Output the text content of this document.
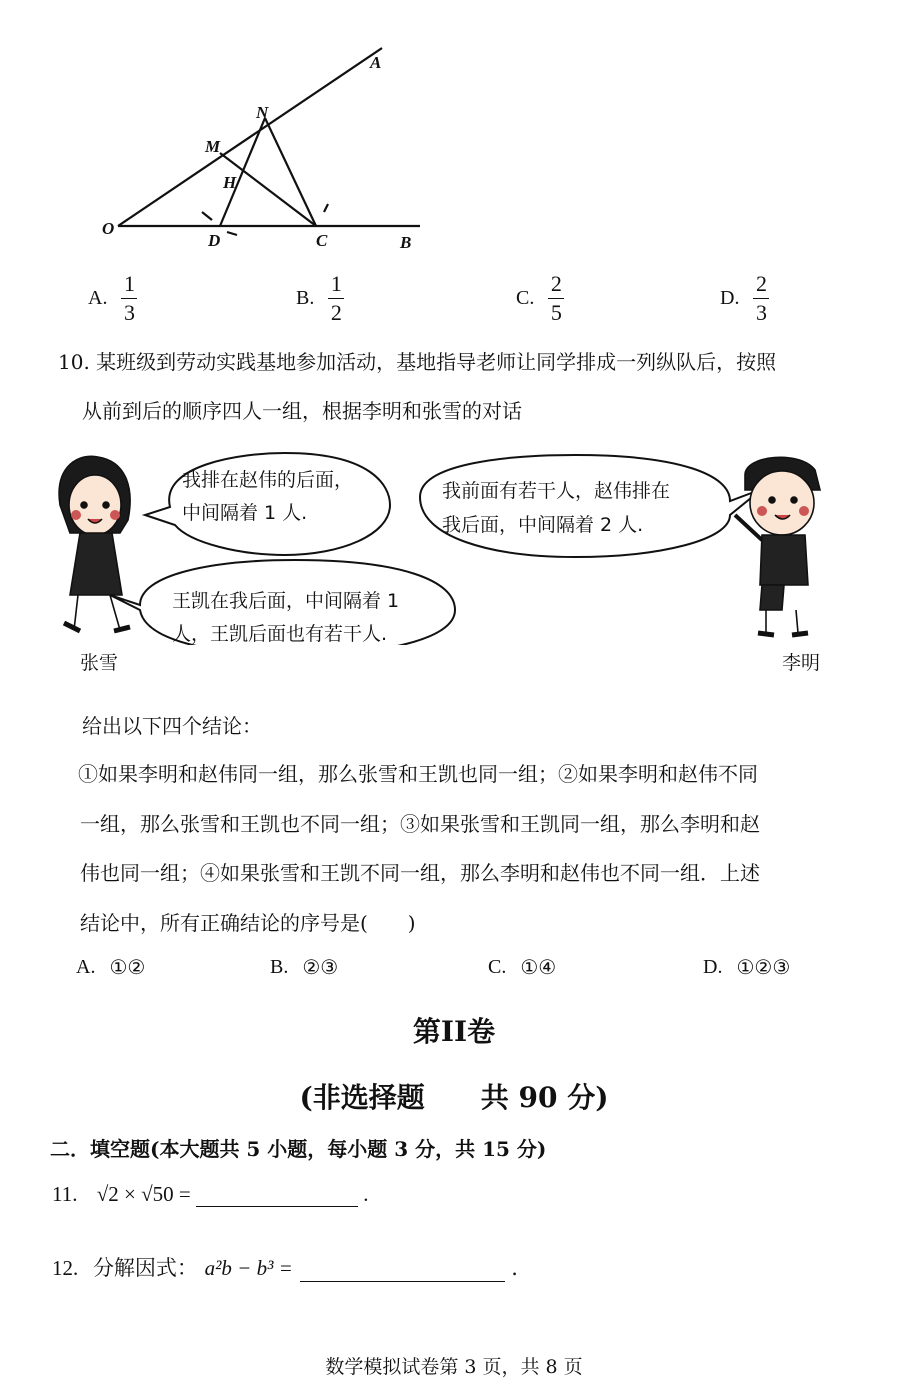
A
N
M
H
O
D	C	B
A. $\frac{1}{3}$	B. $\frac{1}{2}$	C. $\frac{2}{5}$	D. $\frac{2}{3}$
10. 某班级到劳动实践基地参加活动，基地指导老师让同学排成一列纵队后，按照
从前到后的顺序四人一组，根据李明和张雪的对话
我排在赵伟的后面，
中间隔着 1 人.
我前面有若干人，赵伟排在
我后面，中间隔着 2 人.
王凯在我后面，中间隔着 1
人，王凯后面也有若干人.
张雪	李明
给出以下四个结论：
①如果李明和赵伟同一组，那么张雪和王凯也同一组；②如果李明和赵伟不同
一组，那么张雪和王凯也不同一组；③如果张雪和王凯同一组，那么李明和赵
伟也同一组；④如果张雪和王凯不同一组，那么李明和赵伟也不同一组．上述
结论中，所有正确结论的序号是(　　)
A. ①②	B. ②③	C. ①④	D. ①②③
第II卷
(非选择题　　共 90 分)
二．填空题(本大题共 5 小题，每小题 3 分，共 15 分)
11. √2 × √50 =	.
12. 分解因式： a²b − b³ =	.
数学模拟试卷第 3 页，共 8 页
